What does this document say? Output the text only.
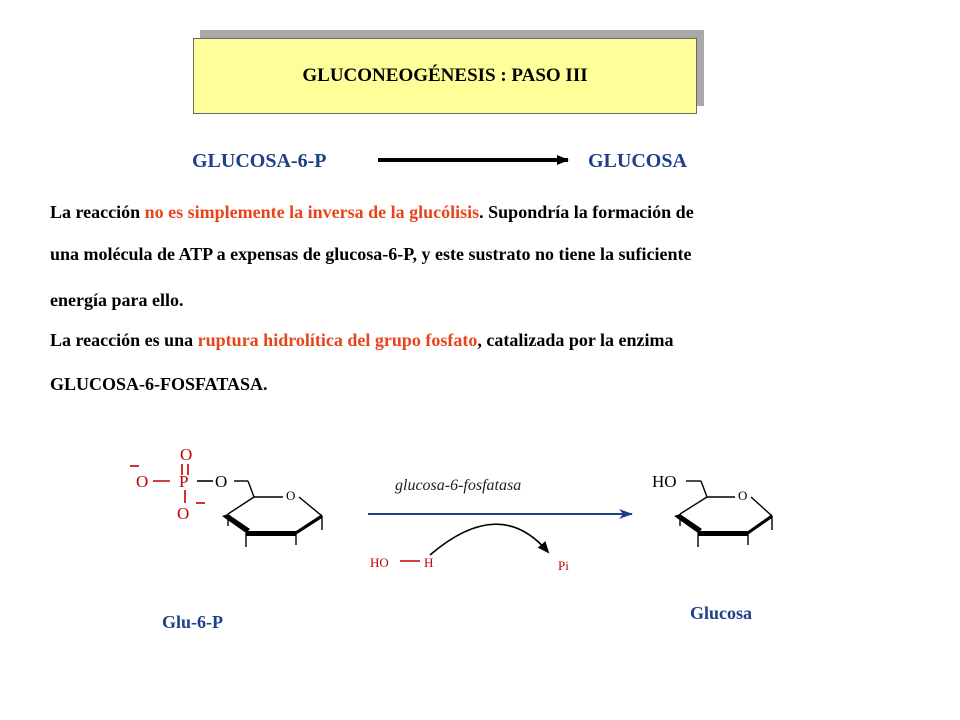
GLUCONEOGÉNESIS : PASO III
GLUCOSA-6-P	GLUCOSA
La reacción no es simplemente la inversa de la glucólisis. Supondría la formación de
una molécula de ATP a expensas de glucosa-6-P, y este sustrato no tiene la suficiente
energía para ello.
La reacción es una ruptura hidrolítica del grupo fosfato, catalizada por la enzima
GLUCOSA-6-FOSFATASA.
O
P
O
O
O
O
glucosa-6-fosfatasa
HO	H	Pi
HO
O
Glu-6-P	Glucosa
